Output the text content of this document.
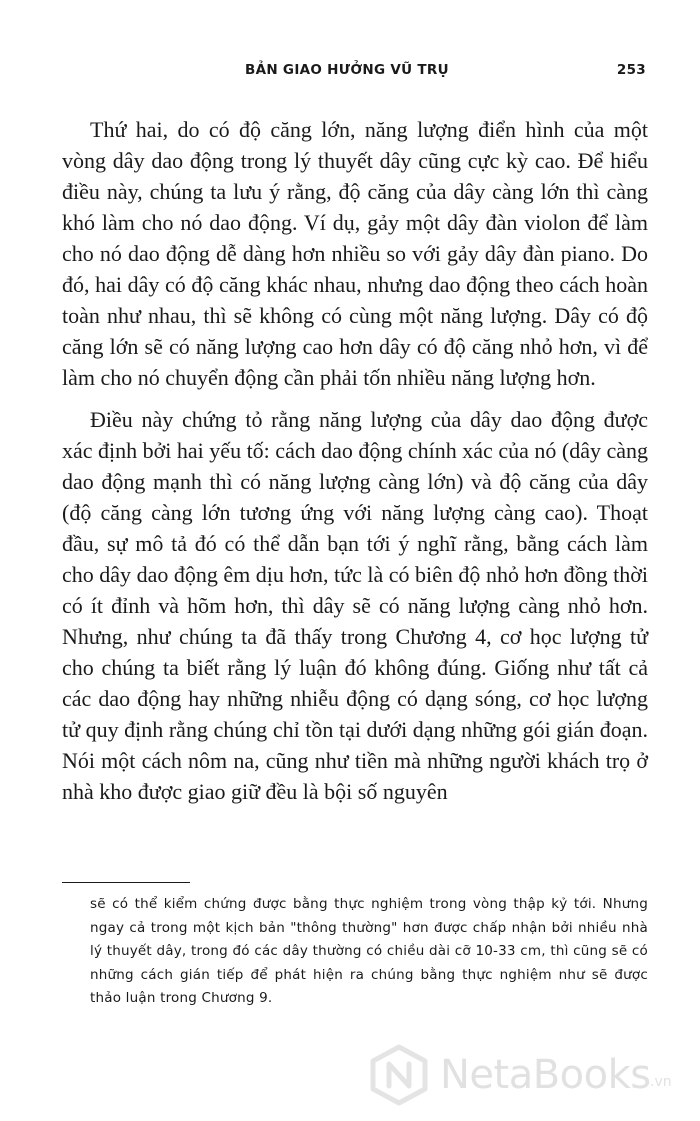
BẢN GIAO HƯỞNG VŨ TRỤ	253

Thứ hai, do có độ căng lớn, năng lượng điển hình của một vòng dây dao động trong lý thuyết dây cũng cực kỳ cao. Để hiểu điều này, chúng ta lưu ý rằng, độ căng của dây càng lớn thì càng khó làm cho nó dao động. Ví dụ, gảy một dây đàn violon để làm cho nó dao động dễ dàng hơn nhiều so với gảy dây đàn piano. Do đó, hai dây có độ căng khác nhau, nhưng dao động theo cách hoàn toàn như nhau, thì sẽ không có cùng một năng lượng. Dây có độ căng lớn sẽ có năng lượng cao hơn dây có độ căng nhỏ hơn, vì để làm cho nó chuyển động cần phải tốn nhiều năng lượng hơn.

Điều này chứng tỏ rằng năng lượng của dây dao động được xác định bởi hai yếu tố: cách dao động chính xác của nó (dây càng dao động mạnh thì có năng lượng càng lớn) và độ căng của dây (độ căng càng lớn tương ứng với năng lượng càng cao). Thoạt đầu, sự mô tả đó có thể dẫn bạn tới ý nghĩ rằng, bằng cách làm cho dây dao động êm dịu hơn, tức là có biên độ nhỏ hơn đồng thời có ít đỉnh và hõm hơn, thì dây sẽ có năng lượng càng nhỏ hơn. Nhưng, như chúng ta đã thấy trong Chương 4, cơ học lượng tử cho chúng ta biết rằng lý luận đó không đúng. Giống như tất cả các dao động hay những nhiễu động có dạng sóng, cơ học lượng tử quy định rằng chúng chỉ tồn tại dưới dạng những gói gián đoạn. Nói một cách nôm na, cũng như tiền mà những người khách trọ ở nhà kho được giao giữ đều là bội số nguyên

sẽ có thể kiểm chứng được bằng thực nghiệm trong vòng thập kỷ tới. Nhưng ngay cả trong một kịch bản "thông thường" hơn được chấp nhận bởi nhiều nhà lý thuyết dây, trong đó các dây thường có chiều dài cỡ 10-33 cm, thì cũng sẽ có những cách gián tiếp để phát hiện ra chúng bằng thực nghiệm như sẽ được thảo luận trong Chương 9.
NetaBooks .vn
